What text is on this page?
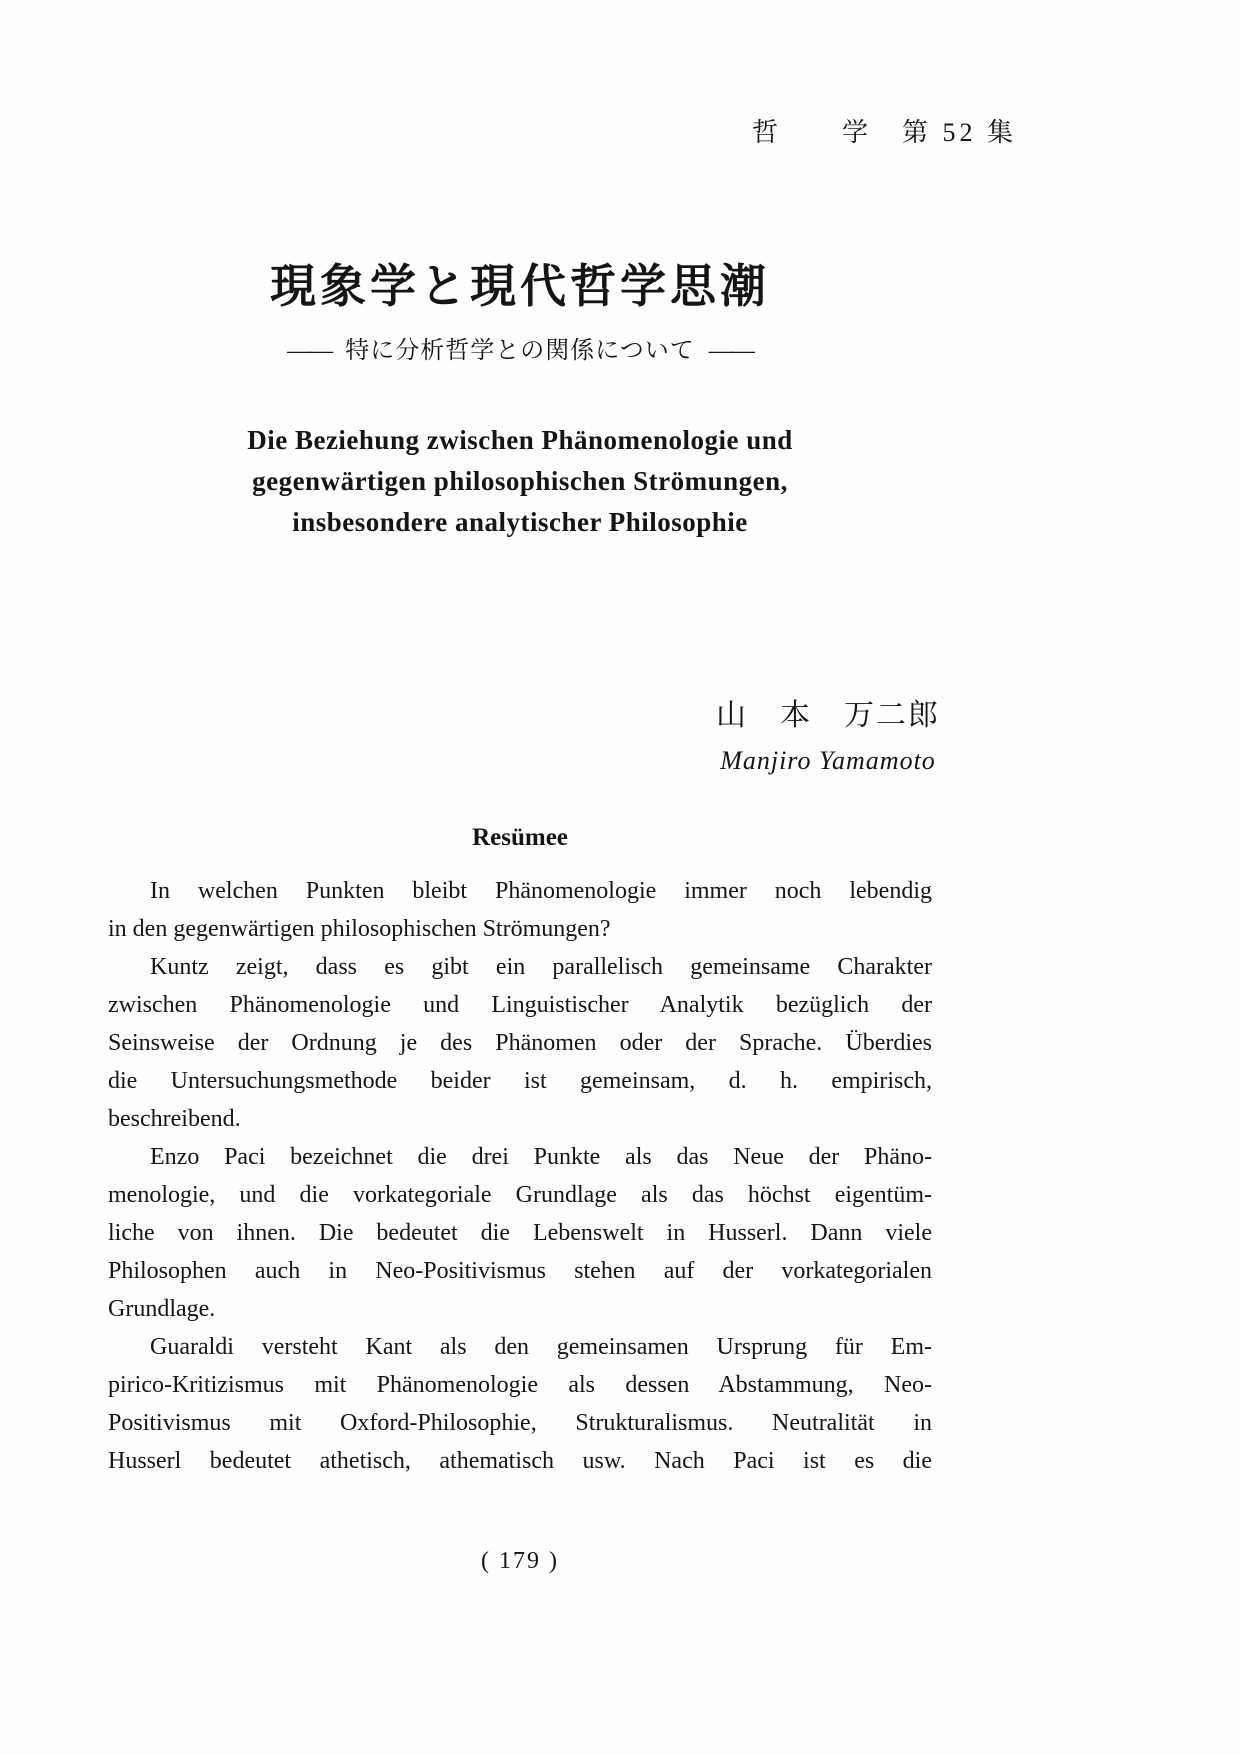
哲　　学　第 52 集
現象学と現代哲学思潮
―― 特に分析哲学との関係について ――
Die Beziehung zwischen Phänomenologie und
gegenwärtigen philosophischen Strömungen,
insbesondere analytischer Philosophie
山　本　万二郎
Manjiro Yamamoto
Resümee
In welchen Punkten bleibt Phänomenologie immer noch lebendig
in den gegenwärtigen philosophischen Strömungen?
Kuntz zeigt, dass es gibt ein parallelisch gemeinsame Charakter
zwischen Phänomenologie und Linguistischer Analytik bezüglich der
Seinsweise der Ordnung je des Phänomen oder der Sprache. Überdies
die Untersuchungsmethode beider ist gemeinsam, d. h. empirisch,
beschreibend.
Enzo Paci bezeichnet die drei Punkte als das Neue der Phäno-
menologie, und die vorkategoriale Grundlage als das höchst eigentüm-
liche von ihnen. Die bedeutet die Lebenswelt in Husserl. Dann viele
Philosophen auch in Neo-Positivismus stehen auf der vorkategorialen
Grundlage.
Guaraldi versteht Kant als den gemeinsamen Ursprung für Em-
pirico-Kritizismus mit Phänomenologie als dessen Abstammung, Neo-
Positivismus mit Oxford-Philosophie, Strukturalismus. Neutralität in
Husserl bedeutet athetisch, athematisch usw. Nach Paci ist es die
( 179 )
